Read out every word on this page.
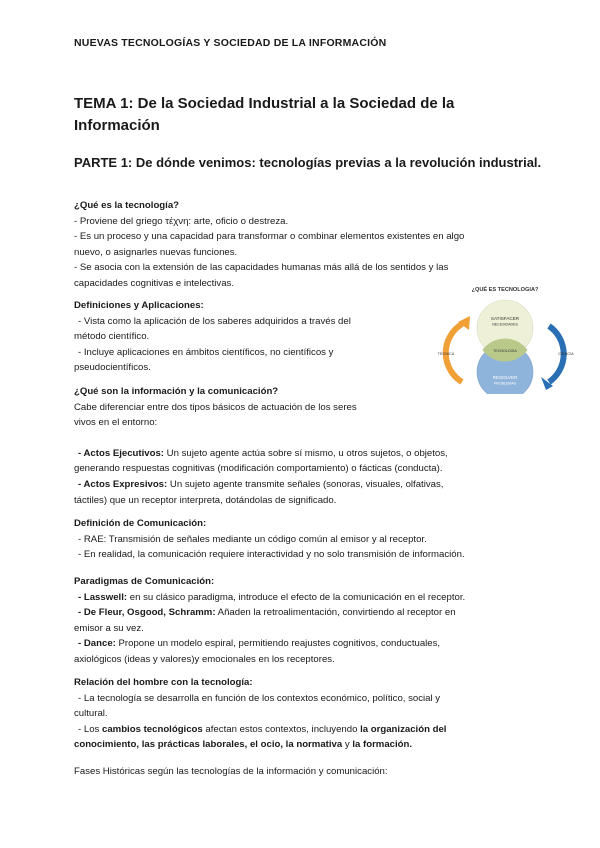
NUEVAS TECNOLOGÍAS Y SOCIEDAD DE LA INFORMACIÓN
TEMA 1: De la Sociedad Industrial a la Sociedad de la Información
PARTE 1: De dónde venimos: tecnologías previas a la revolución industrial.

¿Qué es la tecnología?

- Proviene del griego τέχνη: arte, oficio o destreza.

- Es un proceso y una capacidad para transformar o combinar elementos existentes en algo

nuevo, o asignarles nuevas funciones.

- Se asocia con la extensión de las capacidades humanas más allá de los sentidos y las

capacidades cognitivas e intelectivas.

Definiciones y Aplicaciones:

- Vista como la aplicación de los saberes adquiridos a través del

método científico.

- Incluye aplicaciones en ámbitos científicos, no científicos y

pseudocientíficos.

¿Qué son la información y la comunicación?

Cabe diferenciar entre dos tipos básicos de actuación de los seres

vivos en el entorno:

- Actos Ejecutivos: Un sujeto agente actúa sobre sí mismo, u otros sujetos, o objetos,

generando respuestas cognitivas (modificación comportamiento) o fácticas (conducta).

- Actos Expresivos: Un sujeto agente transmite señales (sonoras, visuales, olfativas,

táctiles) que un receptor interpreta, dotándolas de significado.

Definición de Comunicación:

- RAE: Transmisión de señales mediante un código común al emisor y al receptor.

- En realidad, la comunicación requiere interactividad y no solo transmisión de información.

Paradigmas de Comunicación:

- Lasswell: en su clásico paradigma, introduce el efecto de la comunicación en el receptor.

- De Fleur, Osgood, Schramm: Añaden la retroalimentación, convirtiendo al receptor en

emisor a su vez.

- Dance: Propone un modelo espiral, permitiendo reajustes cognitivos, conductuales,

axiológicos (ideas y valores)y emocionales en los receptores.

Relación del hombre con la tecnología:

- La tecnología se desarrolla en función de los contextos económico, político, social y

cultural.

- Los cambios tecnológicos afectan estos contextos, incluyendo la organización del

conocimiento, las prácticas laborales, el ocio, la normativa y la formación.

Fases Históricas según las tecnologías de la información y comunicación:
¿QUÉ ES TECNOLOGIA?
SATISFACER
NECESIDADES
TECNOLOGIA
RESOLVER
PROBLEMAS
TÉCNICA	CIENCIA
